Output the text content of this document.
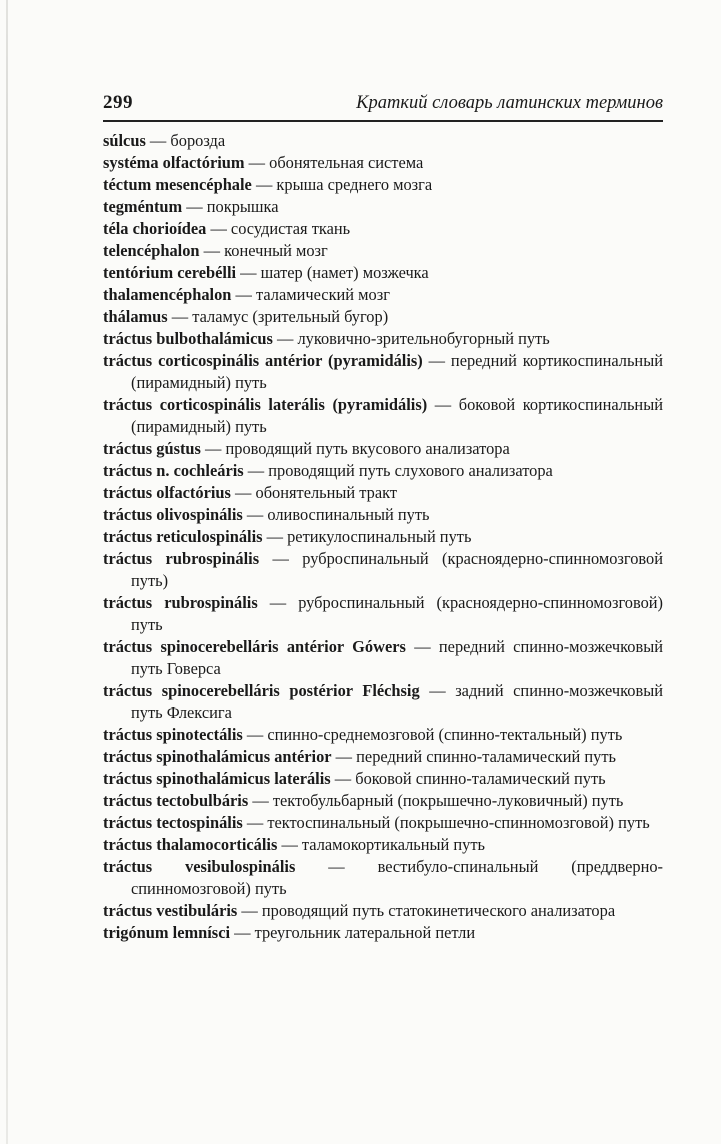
299	Краткий словарь латинских терминов
súlcus — борозда
systéma olfactórium — обонятельная система
téctum mesencéphale — крыша среднего мозга
tegméntum — покрышка
téla chorioídea — сосудистая ткань
telencéphalon — конечный мозг
tentórium cerebélli — шатер (намет) мозжечка
thalamencéphalon — таламический мозг
thálamus — таламус (зрительный бугор)
tráctus bulbothalámicus — луковично-зрительнобугорный путь
tráctus corticospinális antérior (pyramidális) — передний кортикоспинальный (пирамидный) путь
tráctus corticospinális laterális (pyramidális) — боковой кортикоспинальный (пирамидный) путь
tráctus gústus — проводящий путь вкусового анализатора
tráctus n. cochleáris — проводящий путь слухового анализатора
tráctus olfactórius — обонятельный тракт
tráctus olivospinális — оливоспинальный путь
tráctus reticulospinális — ретикулоспинальный путь
tráctus rubrospinális — руброспинальный (красноядерно-спинномозговой путь)
tráctus rubrospinális — руброспинальный (красноядерно-спинномозговой) путь
tráctus spinocerebelláris antérior Gówers — передний спинно-мозжечковый путь Говерса
tráctus spinocerebelláris postérior Fléchsig — задний спинно-мозжечковый путь Флексига
tráctus spinotectális — спинно-среднемозговой (спинно-тектальный) путь
tráctus spinothalámicus antérior — передний спинно-таламический путь
tráctus spinothalámicus laterális — боковой спинно-таламический путь
tráctus tectobulbáris — тектобульбарный (покрышечно-луковичный) путь
tráctus tectospinális — тектоспинальный (покрышечно-спинномозговой) путь
tráctus thalamocorticális — таламокортикальный путь
tráctus vesibulospinális — вестибуло-спинальный (преддверно-спинномозговой) путь
tráctus vestibuláris — проводящий путь статокинетического анализатора
trigónum lemnísci — треугольник латеральной петли
